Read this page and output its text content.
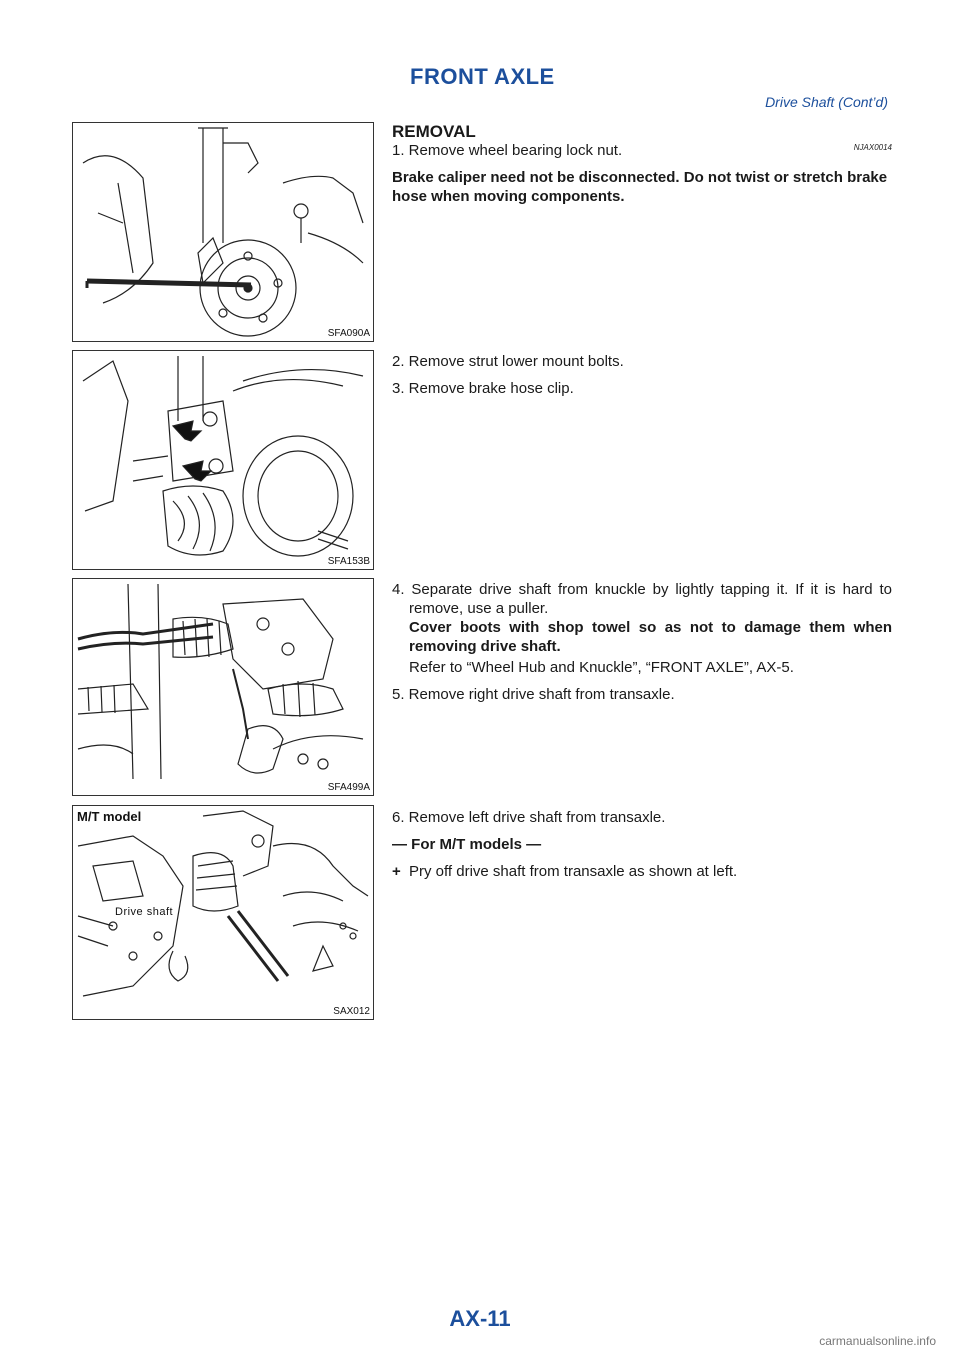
FRONT AXLE
Drive Shaft (Cont’d)
SFA090A
SFA153B
SFA499A
M/T model
Drive shaft
SAX012
REMOVAL
NJAX0014

1. Remove wheel bearing lock nut.

Brake caliper need not be disconnected. Do not twist or stretch brake hose when moving components.

2. Remove strut lower mount bolts.

3. Remove brake hose clip.

4. Separate drive shaft from knuckle by lightly tapping it. If it is hard to remove, use a puller.

Cover boots with shop towel so as not to damage them when removing drive shaft.

Refer to “Wheel Hub and Knuckle”, “FRONT AXLE”, AX-5.

5. Remove right drive shaft from transaxle.

6. Remove left drive shaft from transaxle.

— For M/T models —

+ Pry off drive shaft from transaxle as shown at left.
AX-11
carmanualsonline.info
